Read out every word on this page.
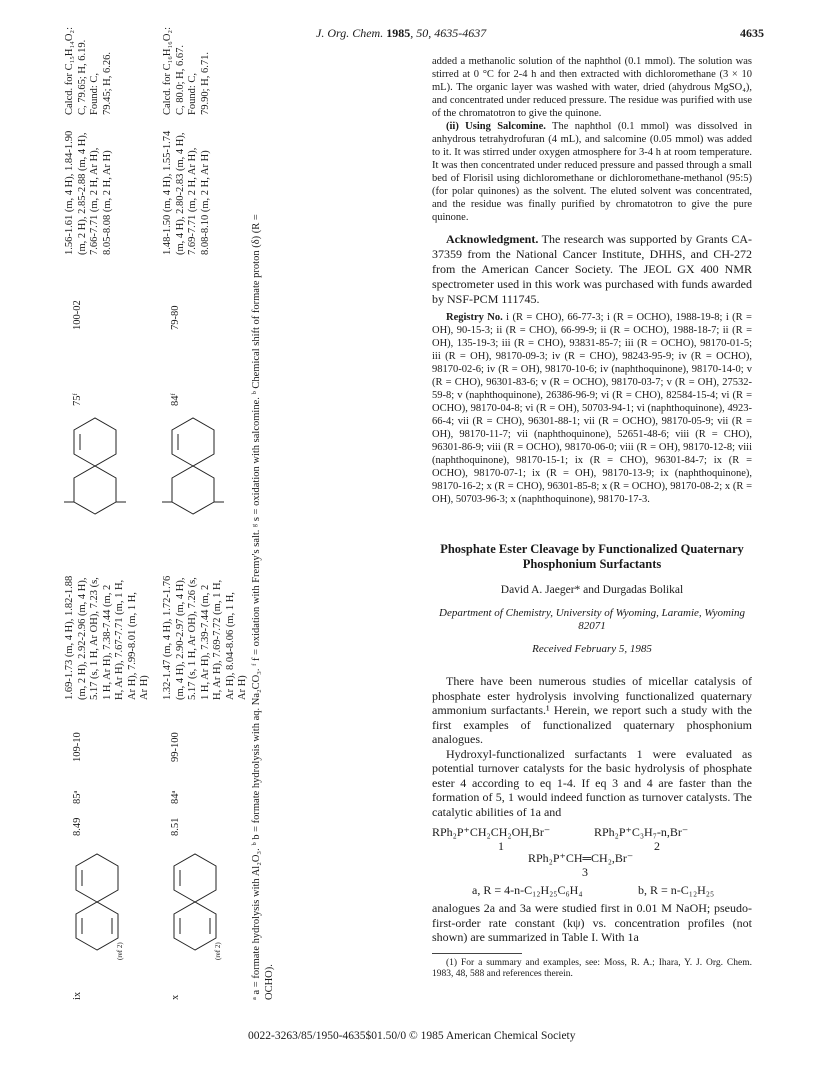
J. Org. Chem. 1985, 50, 4635-4637	4635
ix
(ref 2)
8.49
85ᵃ
109-10
1.69-1.73 (m, 4 H), 1.82-1.88 (m, 2 H), 2.92-2.96 (m, 4 H), 5.17 (s, 1 H, Ar OH), 7.23 (s, 1 H, Ar H), 7.38-7.44 (m, 2 H, Ar H), 7.67-7.71 (m, 1 H, Ar H), 7.99-8.01 (m, 1 H, Ar H)
75ᶠ
100-02
1.56-1.61 (m, 4 H), 1.84-1.90 (m, 2 H), 2.85-2.88 (m, 4 H), 7.66-7.71 (m, 2 H, Ar H), 8.05-8.08 (m, 2 H, Ar H)
Calcd. for C₁₅H₁₄O₂: C, 79.65; H, 6.19. Found: C, 79.45; H, 6.26.
x
(ref 2)
8.51
84ᵃ
99-100
1.32-1.47 (m, 4 H), 1.72-1.76 (m, 4 H), 2.90-2.97 (m, 4 H), 5.17 (s, 1 H, Ar OH), 7.26 (s, 1 H, Ar H), 7.39-7.44 (m, 2 H, Ar H), 7.69-7.72 (m, 1 H, Ar H), 8.04-8.06 (m, 1 H, Ar H)
84ᶠ
79-80
1.48-1.50 (m, 4 H), 1.55-1.74 (m, 4 H), 2.80-2.83 (m, 4 H), 7.69-7.71 (m, 2 H, Ar H), 8.08-8.10 (m, 2 H, Ar H)
Calcd. for C₁₆H₁₆O₂: C, 80.0; H, 6.67. Found: C, 79.90; H, 6.71.
ᵃ a = formate hydrolysis with Al₂O₃. ᵇ b = formate hydrolysis with aq. Na₂CO₃. ᶠ f = oxidation with Fremy's salt. ᵍ s = oxidation with salcomine. ᵇ Chemical shift of formate proton (δ) (R = OCHO).

added a methanolic solution of the naphthol (0.1 mmol). The solution was stirred at 0 °C for 2-4 h and then extracted with dichloromethane (3 × 10 mL). The organic layer was washed with water, dried (ahydrous MgSO₄), and concentrated under reduced pressure. The residue was purified with use of the chromatotron to give the quinone.

(ii) Using Salcomine. The naphthol (0.1 mmol) was dissolved in anhydrous tetrahydrofuran (4 mL), and salcomine (0.05 mmol) was added to it. It was stirred under oxygen atmosphere for 3-4 h at room temperature. It was then concentrated under reduced pressure and passed through a small bed of Florisil using dichloromethane or dichloromethane-methanol (95:5) (for polar quinones) as the solvent. The eluted solvent was concentrated, and the residue was finally purified by chromatotron to give the pure quinone.

Acknowledgment. The research was supported by Grants CA-37359 from the National Cancer Institute, DHHS, and CH-272 from the American Cancer Society. The JEOL GX 400 NMR spectrometer used in this work was purchased with funds awarded by NSF-PCM 111745.

Registry No. i (R = CHO), 66-77-3; i (R = OCHO), 1988-19-8; i (R = OH), 90-15-3; ii (R = CHO), 66-99-9; ii (R = OCHO), 1988-18-7; ii (R = OH), 135-19-3; iii (R = CHO), 93831-85-7; iii (R = OCHO), 98170-01-5; iii (R = OH), 98170-09-3; iv (R = CHO), 98243-95-9; iv (R = OCHO), 98170-02-6; iv (R = OH), 98170-10-6; iv (naphthoquinone), 98170-14-0; v (R = CHO), 96301-83-6; v (R = OCHO), 98170-03-7; v (R = OH), 27532-59-8; v (naphthoquinone), 26386-96-9; vi (R = CHO), 82584-15-4; vi (R = OCHO), 98170-04-8; vi (R = OH), 50703-94-1; vi (naphthoquinone), 4923-66-4; vii (R = CHO), 96301-88-1; vii (R = OCHO), 98170-05-9; vii (R = OH), 98170-11-7; vii (naphthoquinone), 52651-48-6; viii (R = CHO), 96301-86-9; viii (R = OCHO), 98170-06-0; viii (R = OH), 98170-12-8; viii (naphthoquinone), 98170-15-1; ix (R = CHO), 96301-84-7; ix (R = OCHO), 98170-07-1; ix (R = OH), 98170-13-9; ix (naphthoquinone), 98170-16-2; x (R = CHO), 96301-85-8; x (R = OCHO), 98170-08-2; x (R = OH), 50703-96-3; x (naphthoquinone), 98170-17-3.

Phosphate Ester Cleavage by Functionalized Quaternary Phosphonium Surfactants

David A. Jaeger* and Durgadas Bolikal

Department of Chemistry, University of Wyoming, Laramie, Wyoming 82071

Received February 5, 1985

There have been numerous studies of micellar catalysis of phosphate ester hydrolysis involving functionalized quaternary ammonium surfactants.¹ Herein, we report such a study with the first examples of functionalized quaternary phosphonium analogues.

Hydroxyl-functionalized surfactants 1 were evaluated as potential turnover catalysts for the basic hydrolysis of phosphate ester 4 according to eq 1-4. If eq 3 and 4 are faster than the formation of 5, 1 would indeed function as turnover catalysts. The catalytic abilities of 1a and

RPh₂P⁺CH₂CH₂OH,Br⁻
1
RPh₂P⁺C₃H₇-n,Br⁻
2
RPh₂P⁺CH═CH₂,Br⁻
3
a, R = 4-n-C₁₂H₂₅C₆H₄	b, R = n-C₁₂H₂₅

analogues 2a and 3a were studied first in 0.01 M NaOH; pseudo-first-order rate constant (kψ) vs. concentration profiles (not shown) are summarized in Table I. With 1a

(1) For a summary and examples, see: Moss, R. A.; Ihara, Y. J. Org. Chem. 1983, 48, 588 and references therein.

0022-3263/85/1950-4635$01.50/0 © 1985 American Chemical Society
